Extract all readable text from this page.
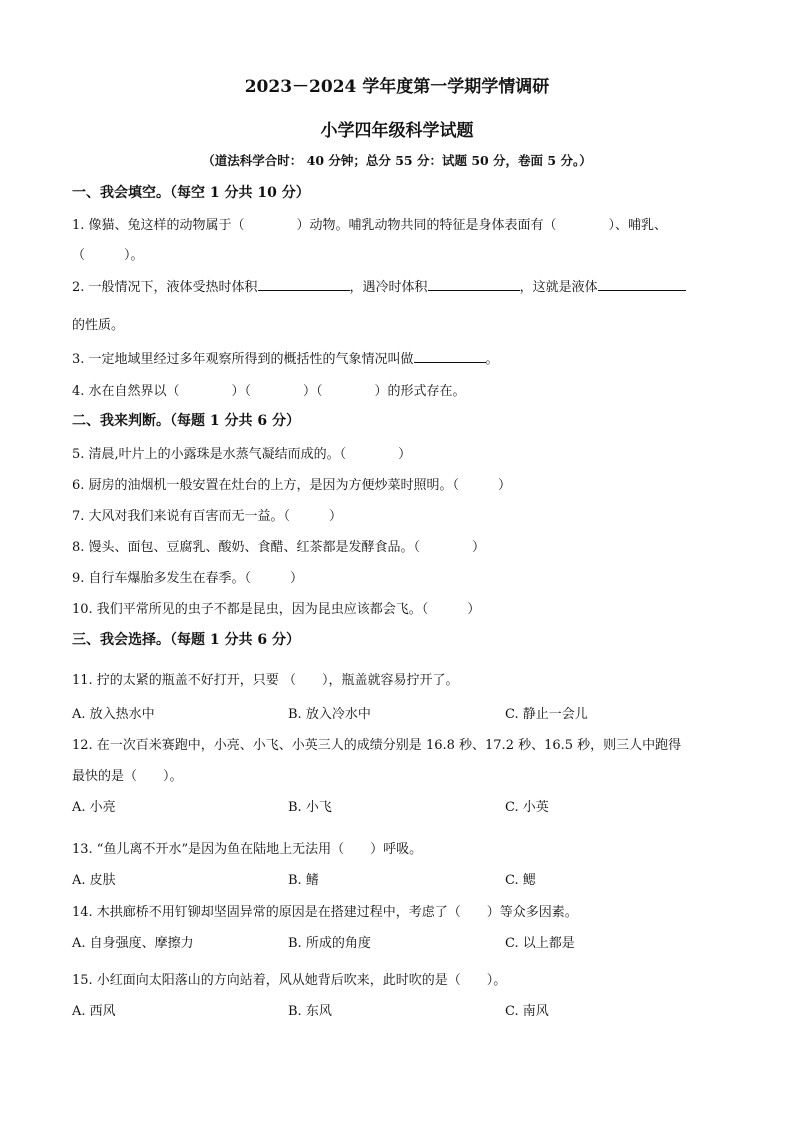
2023－2024 学年度第一学期学情调研
小学四年级科学试题
（道法科学合时： 40 分钟；总分 55 分：试题 50 分，卷面 5 分。）
一、我会填空。（每空 1 分共 10 分）
1. 像猫、兔这样的动物属于（　　　　）动物。哺乳动物共同的特征是身体表面有（　　　　）、哺乳、
（　　　）。
2. 一般情况下，液体受热时体积	，遇冷时体积	，这就是液体
的性质。
3. 一定地域里经过多年观察所得到的概括性的气象情况叫做	。
4. 水在自然界以（　　　　）（　　　　）（　　　　）的形式存在。
二、我来判断。（每题 1 分共 6 分）
5. 清晨,叶片上的小露珠是水蒸气凝结而成的。（　　　　）
6. 厨房的油烟机一般安置在灶台的上方，是因为方便炒菜时照明。（　　　）
7. 大风对我们来说有百害而无一益。（　　　）
8. 馒头、面包、豆腐乳、酸奶、食醋、红茶都是发酵食品。（　　　　）
9. 自行车爆胎多发生在春季。（　　　）
10. 我们平常所见的虫子不都是昆虫，因为昆虫应该都会飞。（　　　）
三、我会选择。（每题 1 分共 6 分）
11. 拧的太紧的瓶盖不好打开，只要 （　　），瓶盖就容易拧开了。
A. 放入热水中	B. 放入冷水中	C. 静止一会儿
12. 在一次百米赛跑中，小亮、小飞、小英三人的成绩分别是 16.8 秒、17.2 秒、16.5 秒，则三人中跑得
最快的是（　　）。
A. 小亮	B. 小飞	C. 小英
13. “鱼儿离不开水”是因为鱼在陆地上无法用（　　）呼吸。
A. 皮肤	B. 鳍	C. 鳃
14. 木拱廊桥不用钉铆却坚固异常的原因是在搭建过程中，考虑了（　　）等众多因素。
A. 自身强度、摩擦力	B. 所成的角度	C. 以上都是
15. 小红面向太阳落山的方向站着，风从她背后吹来，此时吹的是（　　）。
A. 西风	B. 东风	C. 南风
